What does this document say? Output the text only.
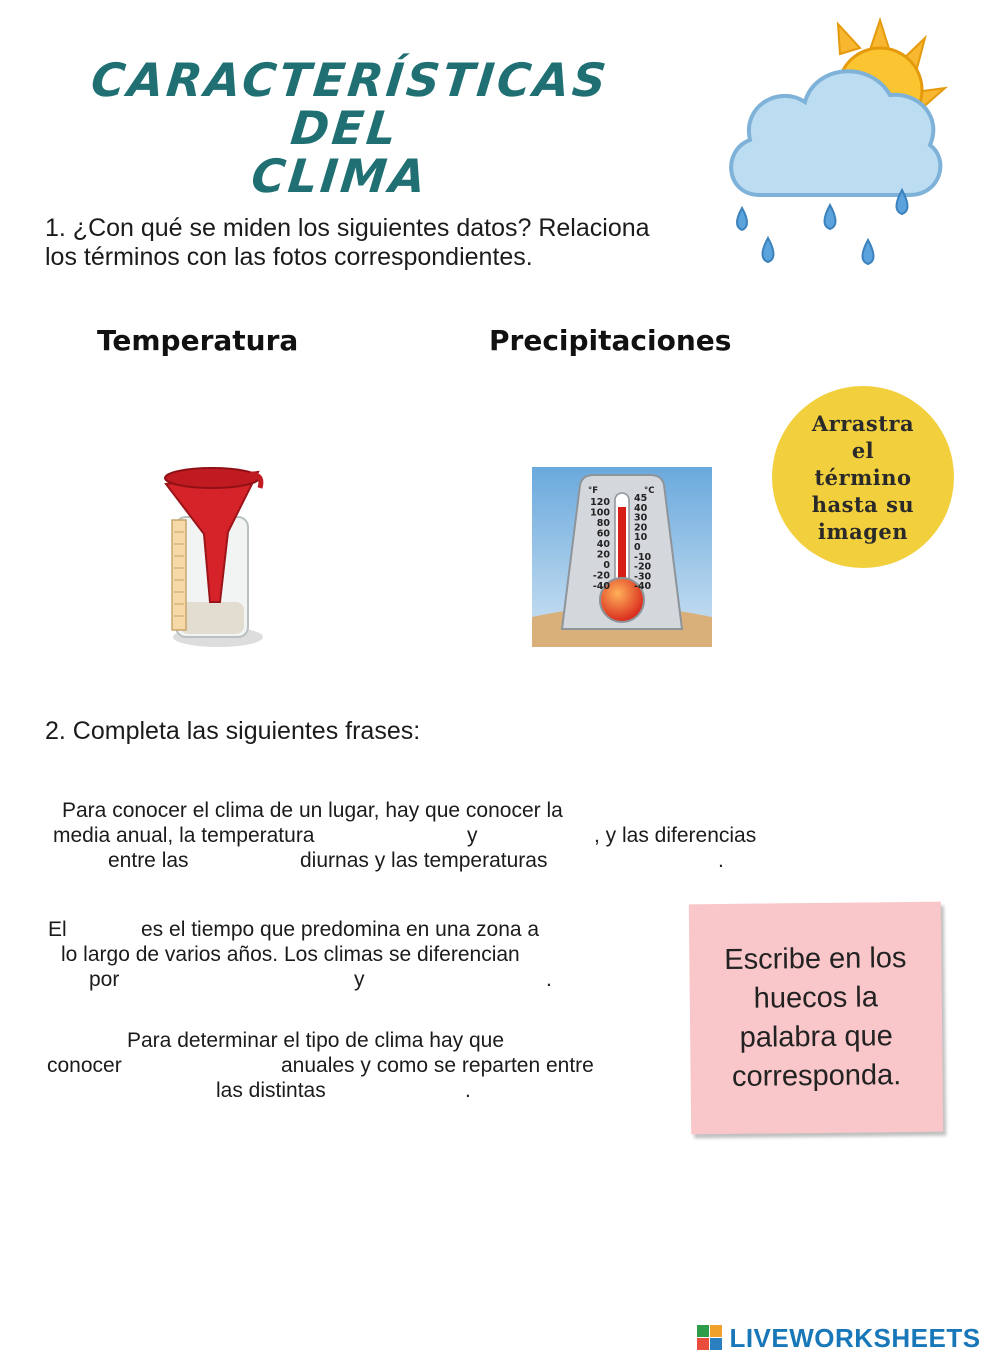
CARACTERÍSTICAS DEL
CLIMA
1. ¿Con qué se miden los siguientes datos? Relaciona
los términos con las fotos correspondientes.
Temperatura	Precipitaciones
°F	°C
120
100
80
60
40
20
0
-20
-40
45
40
30
20
10
0
-10
-20
-30
-40
Arrastra
el
término
hasta su
imagen
2. Completa las siguientes frases:
Para conocer el clima de un lugar, hay que conocer la
media anual, la temperatura	y	, y las diferencias
entre las	diurnas y las temperaturas	.
El	es el tiempo que predomina en una zona a
lo largo de varios años. Los climas se diferencian
por	y	.
Para determinar el tipo de clima hay que
conocer	anuales y como se reparten entre
las distintas	.
Escribe en los
huecos la
palabra que
corresponda.
LIVEWORKSHEETS
